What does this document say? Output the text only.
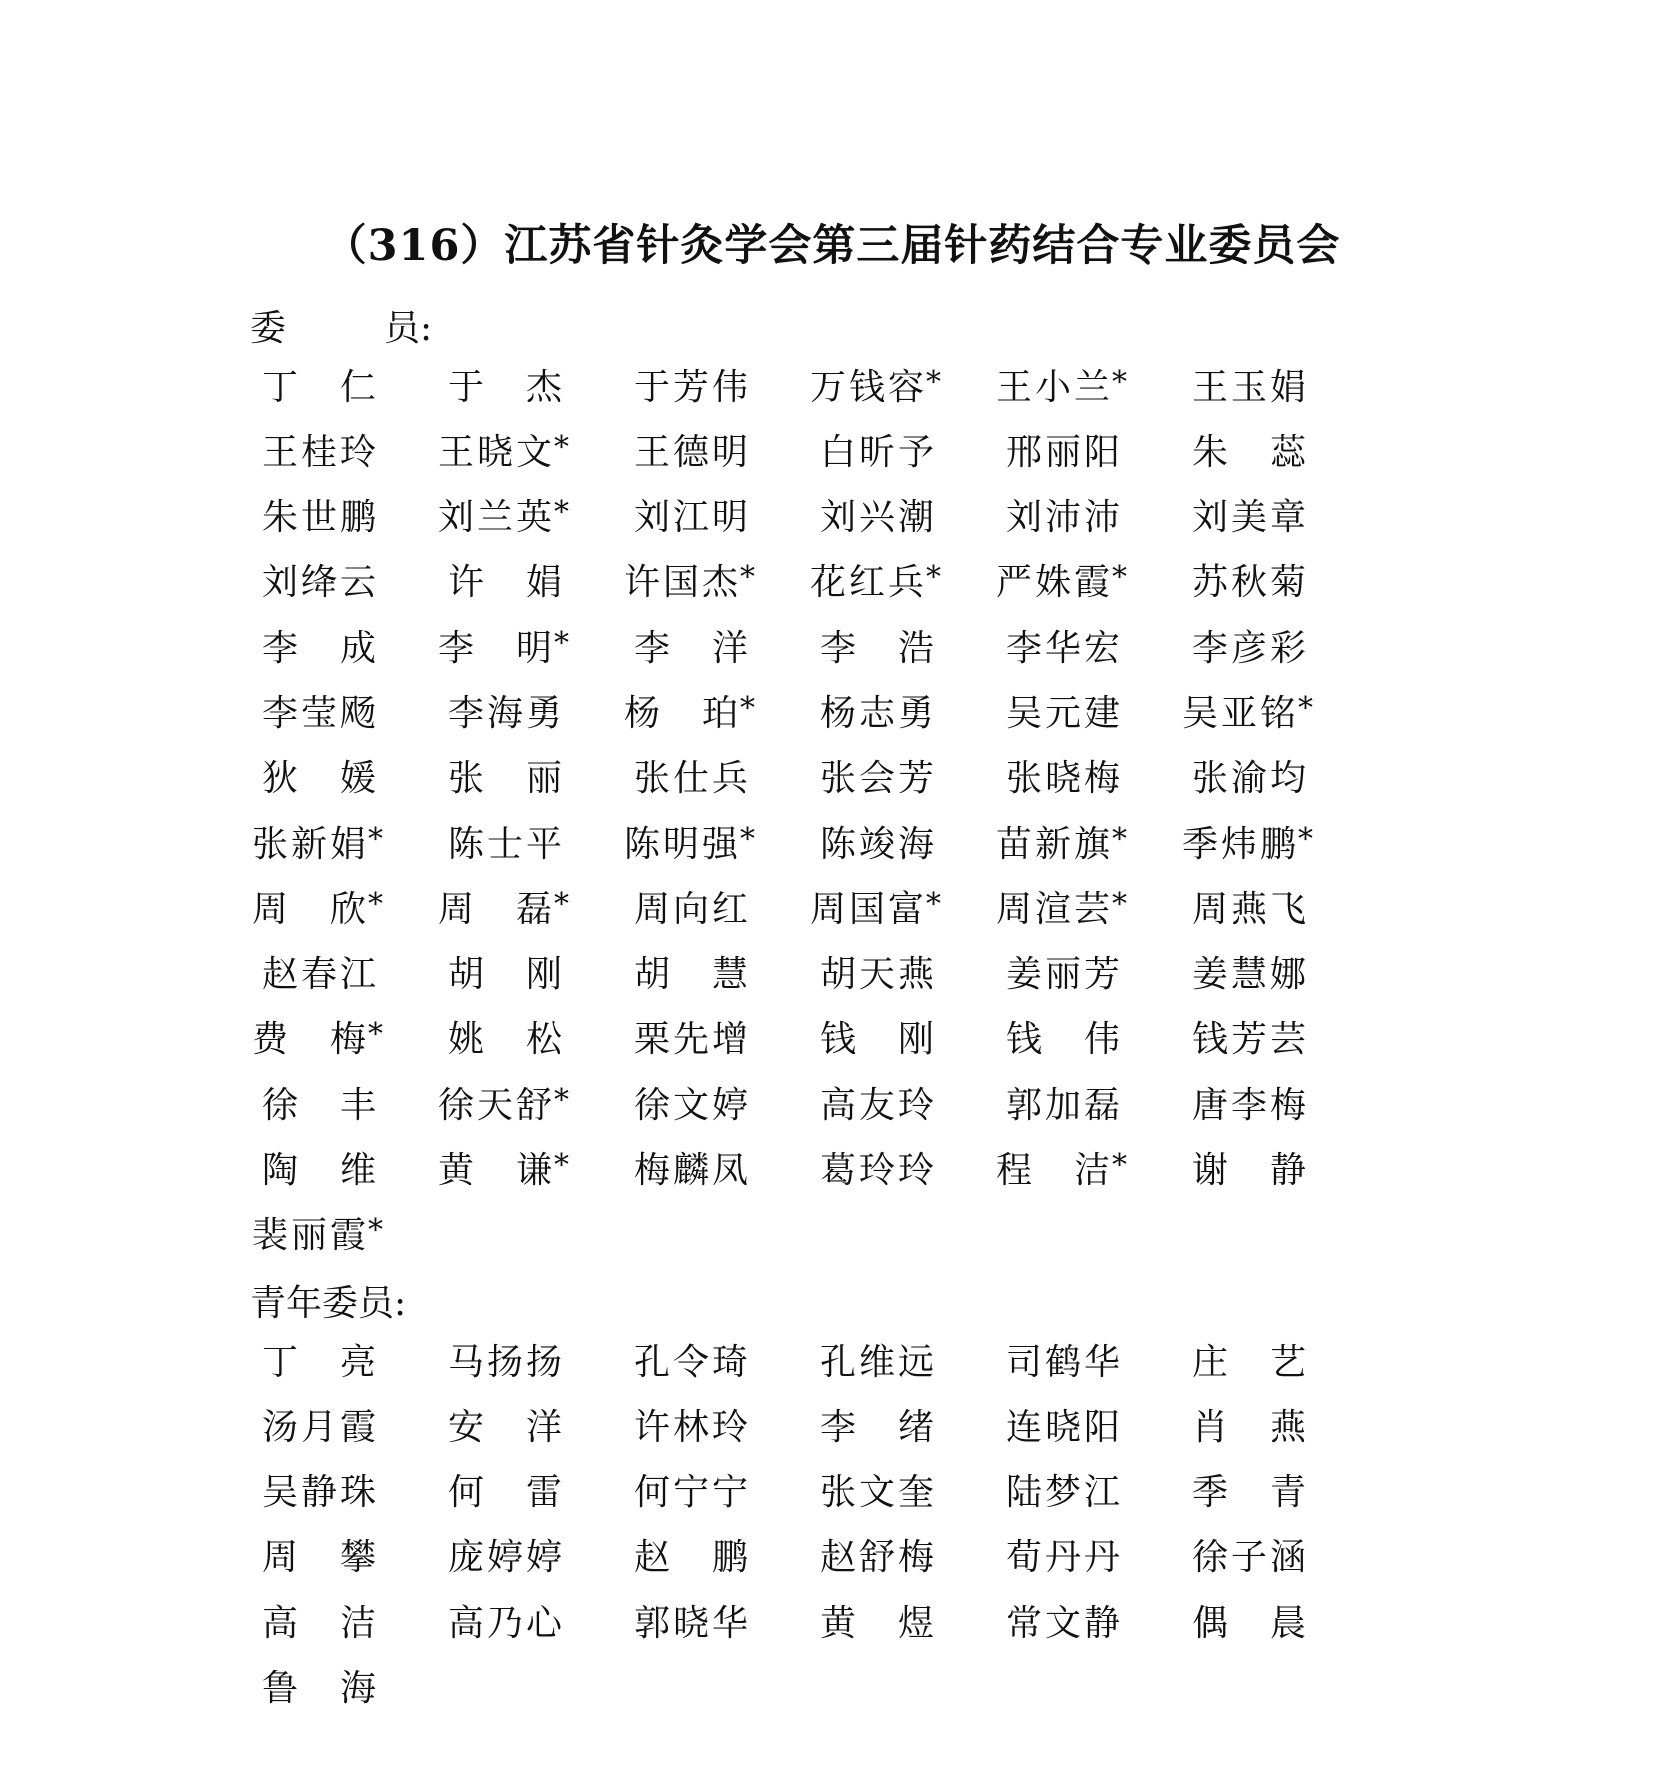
（316）江苏省针灸学会第三届针药结合专业委员会
委员:
丁仁 于杰 于芳伟 万钱容 * 王小兰 * 王玉娟
王桂玲 王晓文 * 王德明 白昕予 邢丽阳 朱蕊
朱世鹏 刘兰英 * 刘江明 刘兴潮 刘沛沛 刘美章
刘绛云 许娟 许国杰 * 花红兵 * 严姝霞 * 苏秋菊
李成 李明 * 李洋 李浩 李华宏 李彦彩
李莹飏 李海勇 杨珀 * 杨志勇 吴元建 吴亚铭 *
狄媛 张丽 张仕兵 张会芳 张晓梅 张渝均
张新娟 * 陈士平 陈明强 * 陈竣海 苗新旗 * 季炜鹏 *
周欣 * 周磊 * 周向红 周国富 * 周渲芸 * 周燕飞
赵春江 胡刚 胡慧 胡天燕 姜丽芳 姜慧娜
费梅 * 姚松 栗先增 钱刚 钱伟 钱芳芸
徐丰 徐天舒 * 徐文婷 高友玲 郭加磊 唐李梅
陶维 黄谦 * 梅麟凤 葛玲玲 程洁 * 谢静
裴丽霞 *
青年委员:
丁亮 马扬扬 孔令琦 孔维远 司鹤华 庄艺
汤月霞 安洋 许林玲 李绪 连晓阳 肖燕
吴静珠 何雷 何宁宁 张文奎 陆梦江 季青
周攀 庞婷婷 赵鹏 赵舒梅 荀丹丹 徐子涵
高洁 高乃心 郭晓华 黄煜 常文静 偶晨
鲁海
